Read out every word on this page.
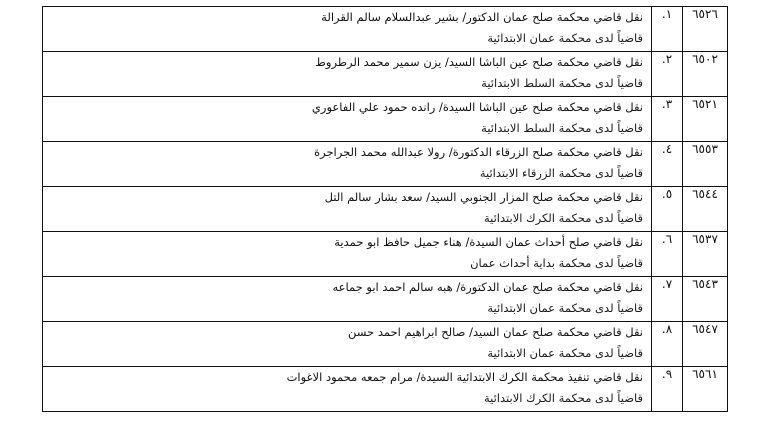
٦٥٢٦	١.	نقل قاضي محكمة صلح عمان الدكتور/ بشير عبدالسلام سالم القرالة
قاضياً لدى محكمة عمان الابتدائية

٦٥٠٢	٢.	نقل قاضي محكمة صلح عين الباشا السيد/ يزن سمير محمد الرطروط
قاضياً لدى محكمة السلط الابتدائية

٦٥٢١	٣.	نقل قاضي محكمة صلح عين الباشا السيدة/ رانده حمود علي الفاعوري
قاضياً لدى محكمة السلط الابتدائية

٦٥٥٣	٤.	نقل قاضي محكمة صلح الزرقاء الدكتورة/ رولا عبدالله محمد الجراجرة
قاضياً لدى محكمة الزرقاء الابتدائية

٦٥٤٤	٥.	نقل قاضي محكمة صلح المزار الجنوبي السيد/ سعد بشار سالم التل
قاضياً لدى محكمة الكرك الابتدائية

٦٥٣٧	٦.	نقل قاضي صلح أحداث عمان السيدة/ هناء جميل حافظ ابو حمدية
قاضياً لدى محكمة بداية أحداث عمان

٦٥٤٣	٧.	نقل قاضي محكمة صلح عمان الدكتورة/ هبه سالم احمد ابو جماعه
قاضياً لدى محكمة عمان الابتدائية

٦٥٤٧	٨.	نقل قاضي محكمة صلح عمان السيد/ صالح ابراهيم احمد حسن
قاضياً لدى محكمة عمان الابتدائية

٦٥٦١	٩.	نقل قاضي تنفيذ محكمة الكرك الابتدائية السيدة/ مرام جمعه محمود الاغوات
قاضياً لدى محكمة الكرك الابتدائية
